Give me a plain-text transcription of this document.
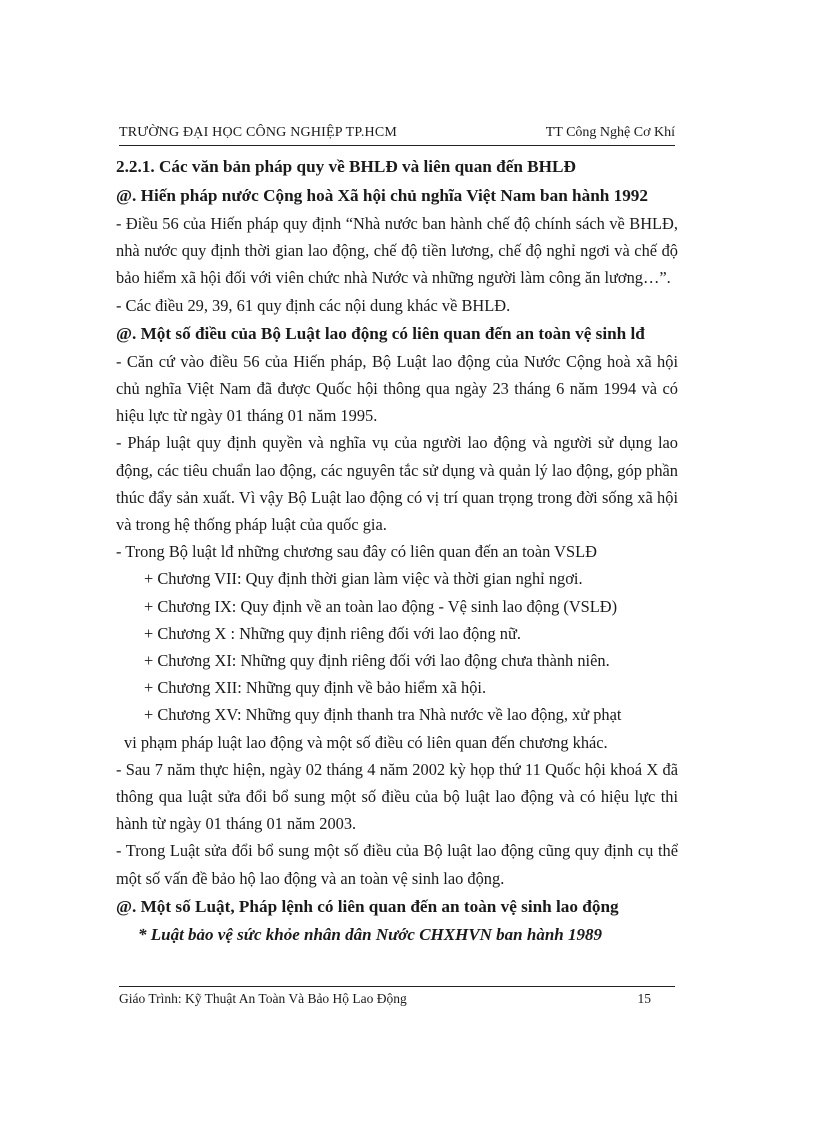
TRƯỜNG ĐẠI HỌC CÔNG NGHIỆP TP.HCM	TT Công Nghệ Cơ Khí

2.2.1. Các văn bản pháp quy về BHLĐ và liên quan đến BHLĐ

@. Hiến pháp nước Cộng hoà Xã hội chủ nghĩa Việt Nam ban hành 1992

- Điều 56 của Hiến pháp quy định “Nhà nước ban hành chế độ chính sách về BHLĐ, nhà nước quy định thời gian lao động, chế độ tiền lương, chế độ nghỉ ngơi và chế độ bảo hiểm xã hội đối với viên chức nhà Nước và những người làm công ăn lương…”.

- Các điều 29, 39, 61 quy định các nội dung khác về BHLĐ.

@. Một số điều của Bộ Luật lao động có liên quan đến an toàn vệ sinh lđ

- Căn cứ vào điều 56 của Hiến pháp, Bộ Luật lao động của Nước Cộng hoà xã hội chủ nghĩa Việt Nam đã được Quốc hội thông qua ngày 23 tháng 6 năm 1994 và có hiệu lực từ ngày 01 tháng 01 năm 1995.

- Pháp luật quy định quyền và nghĩa vụ của người lao động và người sử dụng lao động, các tiêu chuẩn lao động, các nguyên tắc sử dụng và quản lý lao động, góp phần thúc đẩy sản xuất. Vì vậy Bộ Luật lao động có vị trí quan trọng trong đời sống xã hội và trong hệ thống pháp luật của quốc gia.

- Trong Bộ luật lđ những chương sau đây có liên quan đến an toàn VSLĐ

+ Chương VII: Quy định thời gian làm việc và thời gian nghỉ ngơi.

+ Chương IX: Quy định về an toàn lao động - Vệ sinh lao động (VSLĐ)

+ Chương X : Những quy định riêng đối với lao động nữ.

+ Chương XI: Những quy định riêng đối với lao động chưa thành niên.

+ Chương XII: Những quy định về bảo hiểm xã hội.

+ Chương XV: Những quy định thanh tra Nhà nước về lao động, xử phạt

vi phạm pháp luật lao động và một số điều có liên quan đến chương khác.

- Sau 7 năm thực hiện, ngày 02 tháng 4 năm 2002 kỳ họp thứ 11 Quốc hội khoá X đã thông qua luật sửa đổi bổ sung một số điều của bộ luật lao động và có hiệu lực thi hành từ ngày 01 tháng 01 năm 2003.

- Trong Luật sửa đổi bổ sung một số điều của Bộ luật lao động cũng quy định cụ thể một số vấn đề bảo hộ lao động và an toàn vệ sinh lao động.

@. Một số Luật, Pháp lệnh có liên quan đến an toàn vệ sinh lao động

* Luật bảo vệ sức khỏe nhân dân Nước CHXHVN ban hành 1989

Giáo Trình: Kỹ Thuật An Toàn Và Bảo Hộ Lao Động	15
